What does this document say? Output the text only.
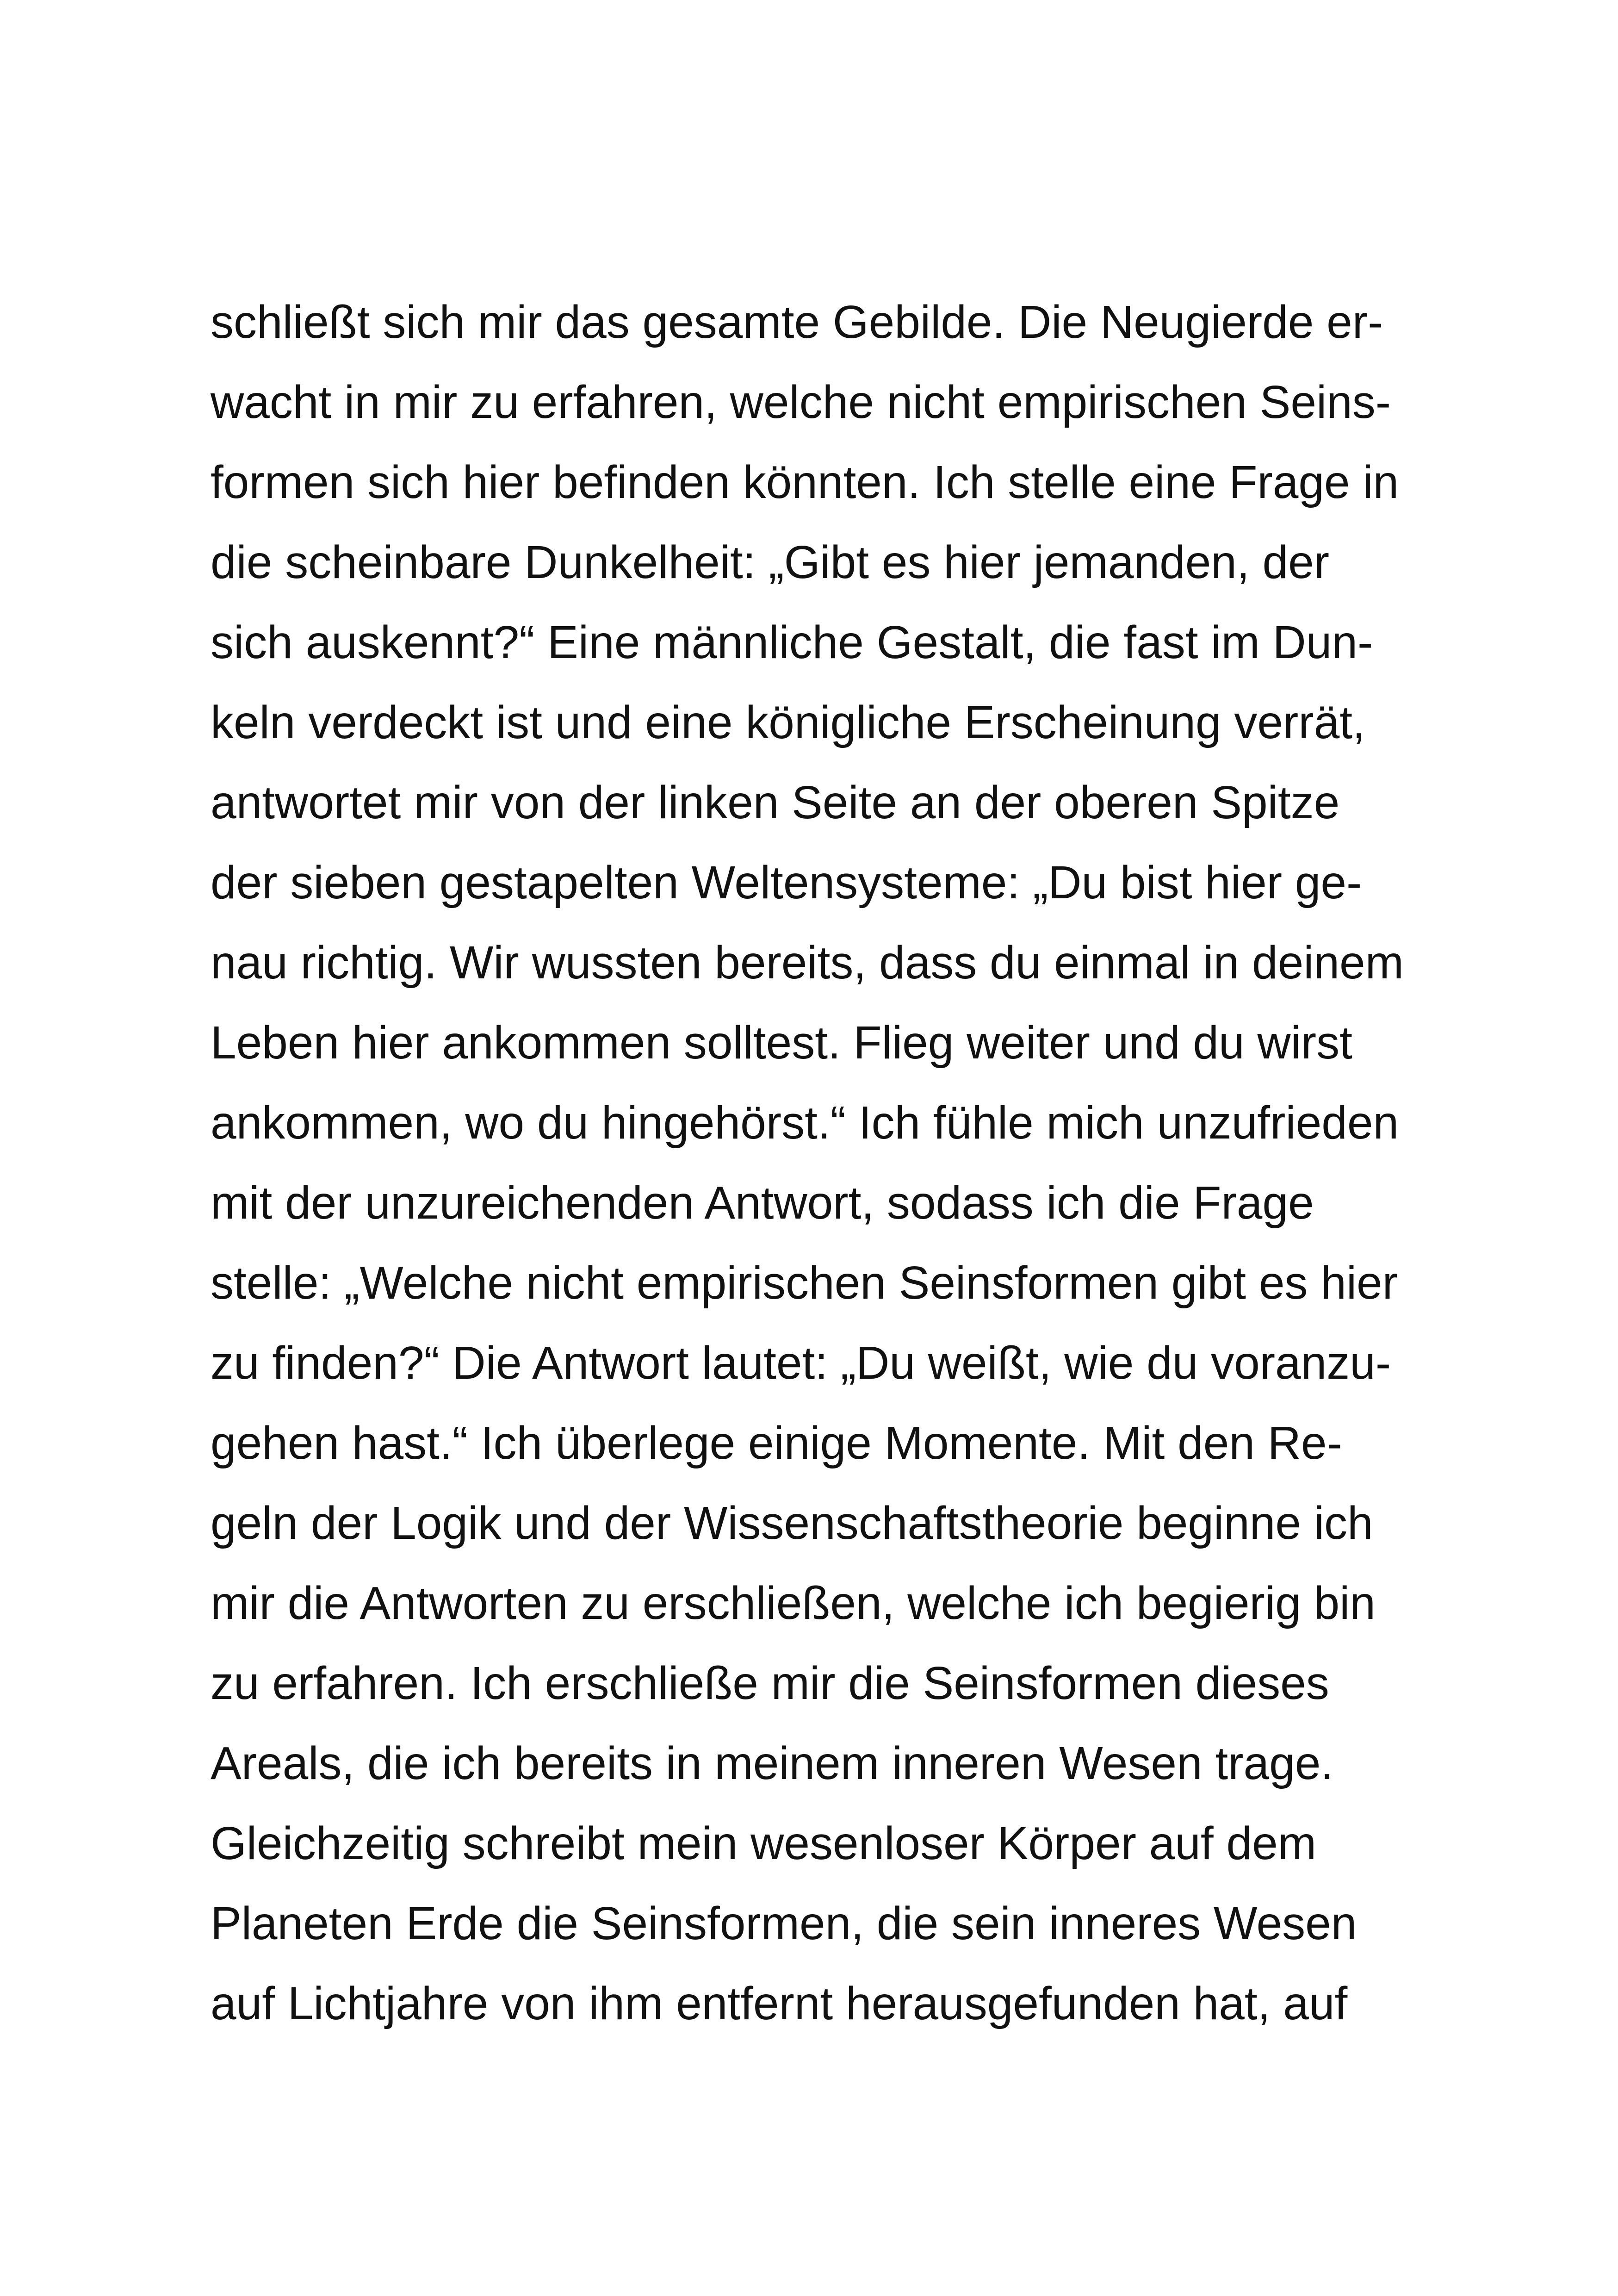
schließt sich mir das gesamte Gebilde. Die Neugierde er-
wacht in mir zu erfahren, welche nicht empirischen Seins-
formen sich hier befinden könnten. Ich stelle eine Frage in
die scheinbare Dunkelheit: „Gibt es hier jemanden, der
sich auskennt?“ Eine männliche Gestalt, die fast im Dun-
keln verdeckt ist und eine königliche Erscheinung verrät,
antwortet mir von der linken Seite an der oberen Spitze
der sieben gestapelten Weltensysteme: „Du bist hier ge-
nau richtig. Wir wussten bereits, dass du einmal in deinem
Leben hier ankommen solltest. Flieg weiter und du wirst
ankommen, wo du hingehörst.“ Ich fühle mich unzufrieden
mit der unzureichenden Antwort, sodass ich die Frage
stelle: „Welche nicht empirischen Seinsformen gibt es hier
zu finden?“ Die Antwort lautet: „Du weißt, wie du voranzu-
gehen hast.“ Ich überlege einige Momente. Mit den Re-
geln der Logik und der Wissenschaftstheorie beginne ich
mir die Antworten zu erschließen, welche ich begierig bin
zu erfahren. Ich erschließe mir die Seinsformen dieses
Areals, die ich bereits in meinem inneren Wesen trage.
Gleichzeitig schreibt mein wesenloser Körper auf dem
Planeten Erde die Seinsformen, die sein inneres Wesen
auf Lichtjahre von ihm entfernt herausgefunden hat, auf
